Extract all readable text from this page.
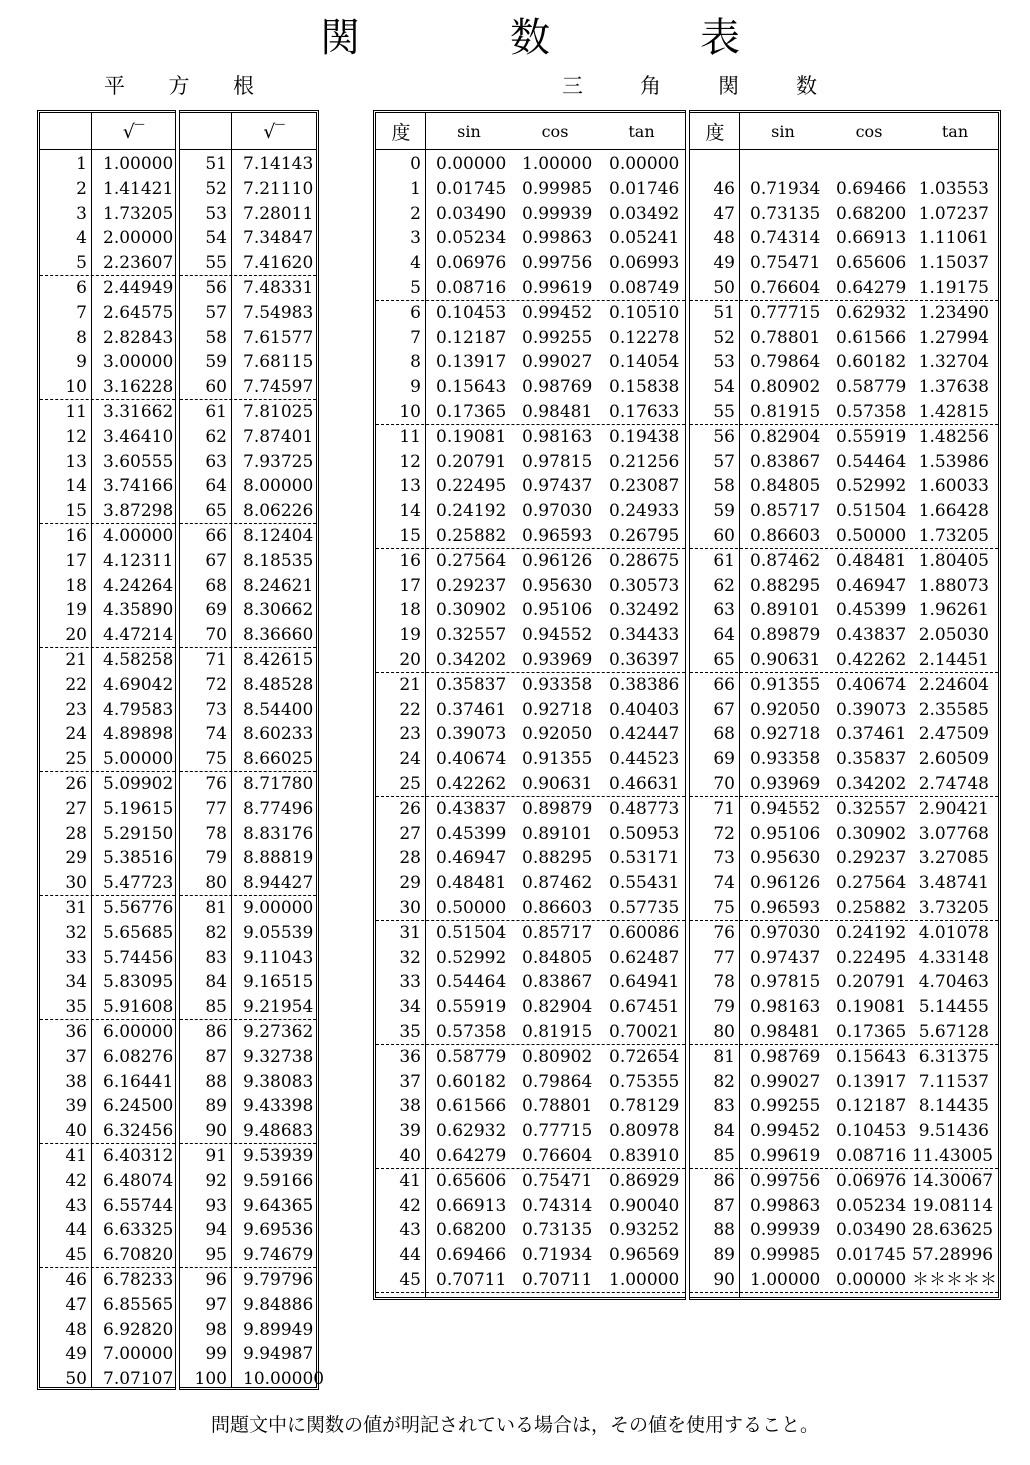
関	数	表
平 方 根	三	角	関	数
√‾
1 1.00000
2 1.41421
3 1.73205
4 2.00000
5 2.23607
6 2.44949
7 2.64575
8 2.82843
9 3.00000
10 3.16228
11 3.31662
12 3.46410
13 3.60555
14 3.74166
15 3.87298
16 4.00000
17 4.12311
18 4.24264
19 4.35890
20 4.47214
21 4.58258
22 4.69042
23 4.79583
24 4.89898
25 5.00000
26 5.09902
27 5.19615
28 5.29150
29 5.38516
30 5.47723
31 5.56776
32 5.65685
33 5.74456
34 5.83095
35 5.91608
36 6.00000
37 6.08276
38 6.16441
39 6.24500
40 6.32456
41 6.40312
42 6.48074
43 6.55744
44 6.63325
45 6.70820
46 6.78233
47 6.85565
48 6.92820
49 7.00000
50 7.07107
√‾
51 7.14143
52 7.21110
53 7.28011
54 7.34847
55 7.41620
56 7.48331
57 7.54983
58 7.61577
59 7.68115
60 7.74597
61 7.81025
62 7.87401
63 7.93725
64 8.00000
65 8.06226
66 8.12404
67 8.18535
68 8.24621
69 8.30662
70 8.36660
71 8.42615
72 8.48528
73 8.54400
74 8.60233
75 8.66025
76 8.71780
77 8.77496
78 8.83176
79 8.88819
80 8.94427
81 9.00000
82 9.05539
83 9.11043
84 9.16515
85 9.21954
86 9.27362
87 9.32738
88 9.38083
89 9.43398
90 9.48683
91 9.53939
92 9.59166
93 9.64365
94 9.69536
95 9.74679
96 9.79796
97 9.84886
98 9.89949
99 9.94987
100 10.00000
度	sin	cos	tan
0 0.00000 1.00000 0.00000
1 0.01745 0.99985 0.01746
2 0.03490 0.99939 0.03492
3 0.05234 0.99863 0.05241
4 0.06976 0.99756 0.06993
5 0.08716 0.99619 0.08749
6 0.10453 0.99452 0.10510
7 0.12187 0.99255 0.12278
8 0.13917 0.99027 0.14054
9 0.15643 0.98769 0.15838
10 0.17365 0.98481 0.17633
11 0.19081 0.98163 0.19438
12 0.20791 0.97815 0.21256
13 0.22495 0.97437 0.23087
14 0.24192 0.97030 0.24933
15 0.25882 0.96593 0.26795
16 0.27564 0.96126 0.28675
17 0.29237 0.95630 0.30573
18 0.30902 0.95106 0.32492
19 0.32557 0.94552 0.34433
20 0.34202 0.93969 0.36397
21 0.35837 0.93358 0.38386
22 0.37461 0.92718 0.40403
23 0.39073 0.92050 0.42447
24 0.40674 0.91355 0.44523
25 0.42262 0.90631 0.46631
26 0.43837 0.89879 0.48773
27 0.45399 0.89101 0.50953
28 0.46947 0.88295 0.53171
29 0.48481 0.87462 0.55431
30 0.50000 0.86603 0.57735
31 0.51504 0.85717 0.60086
32 0.52992 0.84805 0.62487
33 0.54464 0.83867 0.64941
34 0.55919 0.82904 0.67451
35 0.57358 0.81915 0.70021
36 0.58779 0.80902 0.72654
37 0.60182 0.79864 0.75355
38 0.61566 0.78801 0.78129
39 0.62932 0.77715 0.80978
40 0.64279 0.76604 0.83910
41 0.65606 0.75471 0.86929
42 0.66913 0.74314 0.90040
43 0.68200 0.73135 0.93252
44 0.69466 0.71934 0.96569
45 0.70711 0.70711 1.00000
度	sin	cos	tan
46 0.71934 0.69466 1.03553
47 0.73135 0.68200 1.07237
48 0.74314 0.66913 1.11061
49 0.75471 0.65606 1.15037
50 0.76604 0.64279 1.19175
51 0.77715 0.62932 1.23490
52 0.78801 0.61566 1.27994
53 0.79864 0.60182 1.32704
54 0.80902 0.58779 1.37638
55 0.81915 0.57358 1.42815
56 0.82904 0.55919 1.48256
57 0.83867 0.54464 1.53986
58 0.84805 0.52992 1.60033
59 0.85717 0.51504 1.66428
60 0.86603 0.50000 1.73205
61 0.87462 0.48481 1.80405
62 0.88295 0.46947 1.88073
63 0.89101 0.45399 1.96261
64 0.89879 0.43837 2.05030
65 0.90631 0.42262 2.14451
66 0.91355 0.40674 2.24604
67 0.92050 0.39073 2.35585
68 0.92718 0.37461 2.47509
69 0.93358 0.35837 2.60509
70 0.93969 0.34202 2.74748
71 0.94552 0.32557 2.90421
72 0.95106 0.30902 3.07768
73 0.95630 0.29237 3.27085
74 0.96126 0.27564 3.48741
75 0.96593 0.25882 3.73205
76 0.97030 0.24192 4.01078
77 0.97437 0.22495 4.33148
78 0.97815 0.20791 4.70463
79 0.98163 0.19081 5.14455
80 0.98481 0.17365 5.67128
81 0.98769 0.15643 6.31375
82 0.99027 0.13917 7.11537
83 0.99255 0.12187 8.14435
84 0.99452 0.10453 9.51436
85 0.99619 0.08716 11.43005
86 0.99756 0.06976 14.30067
87 0.99863 0.05234 19.08114
88 0.99939 0.03490 28.63625
89 0.99985 0.01745 57.28996
90 1.00000 0.00000 ＊＊＊＊＊
問題文中に関数の値が明記されている場合は，その値を使用すること。
